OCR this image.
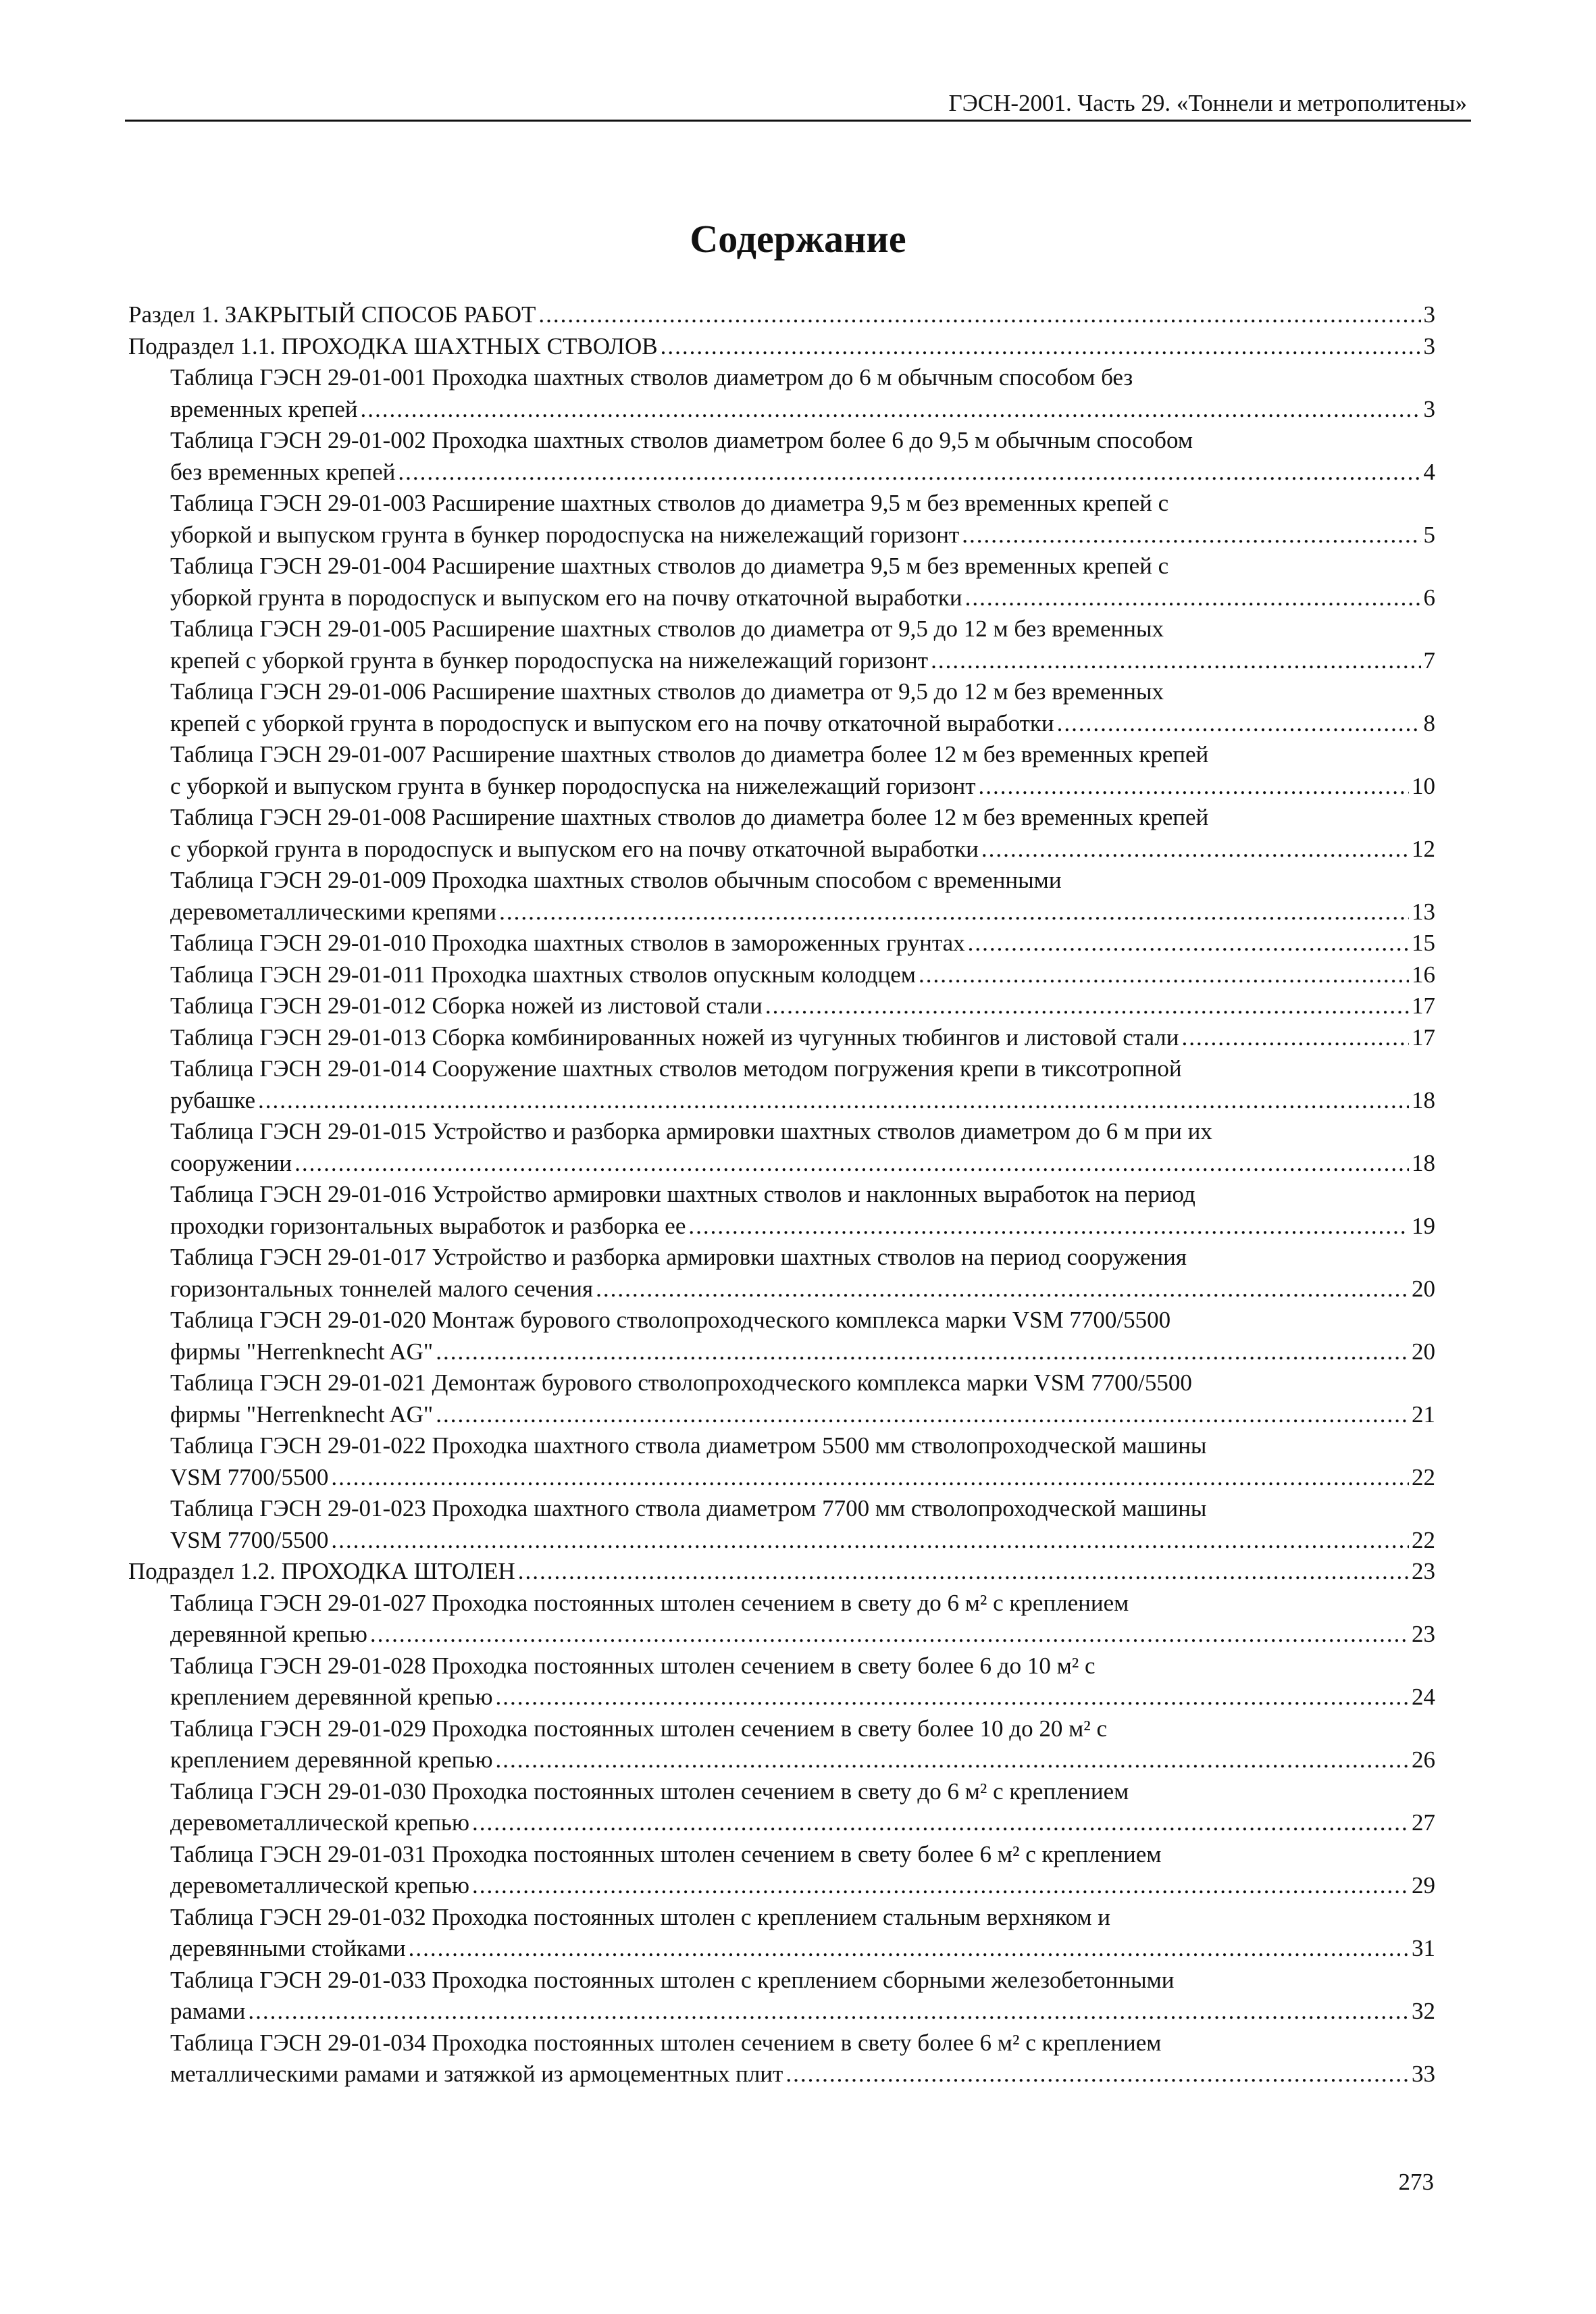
ГЭСН-2001. Часть 29. «Тоннели и метрополитены»
Содержание
Раздел 1. ЗАКРЫТЫЙ СПОСОБ РАБОТ .....	3
Подраздел 1.1. ПРОХОДКА ШАХТНЫХ СТВОЛОВ .....	3
Таблица ГЭСН 29-01-001 Проходка шахтных стволов диаметром до 6 м обычным способом без
временных крепей .....	3
Таблица ГЭСН 29-01-002 Проходка шахтных стволов диаметром более 6 до 9,5 м обычным способом
без временных крепей .....	4
Таблица ГЭСН 29-01-003 Расширение шахтных стволов до диаметра 9,5 м без временных крепей с
уборкой и выпуском грунта в бункер породоспуска на нижележащий горизонт .....	5
Таблица ГЭСН 29-01-004 Расширение шахтных стволов до диаметра 9,5 м без временных крепей с
уборкой грунта в породоспуск и выпуском его на почву откаточной выработки .....	6
Таблица ГЭСН 29-01-005 Расширение шахтных стволов до диаметра от 9,5 до 12 м без временных
крепей с уборкой грунта в бункер породоспуска на нижележащий горизонт .....	7
Таблица ГЭСН 29-01-006 Расширение шахтных стволов до диаметра от 9,5 до 12 м без временных
крепей с уборкой грунта в породоспуск и выпуском его на почву откаточной выработки .....	8
Таблица ГЭСН 29-01-007 Расширение шахтных стволов до диаметра более 12 м без временных крепей
с уборкой и выпуском грунта в бункер породоспуска на нижележащий горизонт .....	10
Таблица ГЭСН 29-01-008 Расширение шахтных стволов до диаметра более 12 м без временных крепей
с уборкой грунта в породоспуск и выпуском его на почву откаточной выработки .....	12
Таблица ГЭСН 29-01-009 Проходка шахтных стволов обычным способом с временными
деревометаллическими крепями .....	13
Таблица ГЭСН 29-01-010 Проходка шахтных стволов в замороженных грунтах .....	15
Таблица ГЭСН 29-01-011 Проходка шахтных стволов опускным колодцем .....	16
Таблица ГЭСН 29-01-012 Сборка ножей из листовой стали .....	17
Таблица ГЭСН 29-01-013 Сборка комбинированных ножей из чугунных тюбингов и листовой стали .....	17
Таблица ГЭСН 29-01-014 Сооружение шахтных стволов методом погружения крепи в тиксотропной
рубашке .....	18
Таблица ГЭСН 29-01-015 Устройство и разборка армировки шахтных стволов диаметром до 6 м при их
сооружении .....	18
Таблица ГЭСН 29-01-016 Устройство армировки шахтных стволов и наклонных выработок на период
проходки горизонтальных выработок и разборка ее .....	19
Таблица ГЭСН 29-01-017 Устройство и разборка армировки шахтных стволов на период сооружения
горизонтальных тоннелей малого сечения .....	20
Таблица ГЭСН 29-01-020 Монтаж бурового стволопроходческого комплекса марки VSM 7700/5500
фирмы "Herrenknecht AG" .....	20
Таблица ГЭСН 29-01-021 Демонтаж бурового стволопроходческого комплекса марки VSM 7700/5500
фирмы "Herrenknecht AG" .....	21
Таблица ГЭСН 29-01-022 Проходка шахтного ствола диаметром 5500 мм стволопроходческой машины
VSM 7700/5500 .....	22
Таблица ГЭСН 29-01-023 Проходка шахтного ствола диаметром 7700 мм стволопроходческой машины
VSM 7700/5500 .....	22
Подраздел 1.2. ПРОХОДКА ШТОЛЕН .....	23
Таблица ГЭСН 29-01-027 Проходка постоянных штолен сечением в свету до 6 м² с креплением
деревянной крепью .....	23
Таблица ГЭСН 29-01-028 Проходка постоянных штолен сечением в свету более 6 до 10 м² с
креплением деревянной крепью .....	24
Таблица ГЭСН 29-01-029 Проходка постоянных штолен сечением в свету более 10 до 20 м² с
креплением деревянной крепью .....	26
Таблица ГЭСН 29-01-030 Проходка постоянных штолен сечением в свету до 6 м² с креплением
деревометаллической крепью .....	27
Таблица ГЭСН 29-01-031 Проходка постоянных штолен сечением в свету более 6 м² с креплением
деревометаллической крепью .....	29
Таблица ГЭСН 29-01-032 Проходка постоянных штолен с креплением стальным верхняком и
деревянными стойками .....	31
Таблица ГЭСН 29-01-033 Проходка постоянных штолен с креплением сборными железобетонными
рамами .....	32
Таблица ГЭСН 29-01-034 Проходка постоянных штолен сечением в свету более 6 м² с креплением
металлическими рамами и затяжкой из армоцементных плит .....	33
273
